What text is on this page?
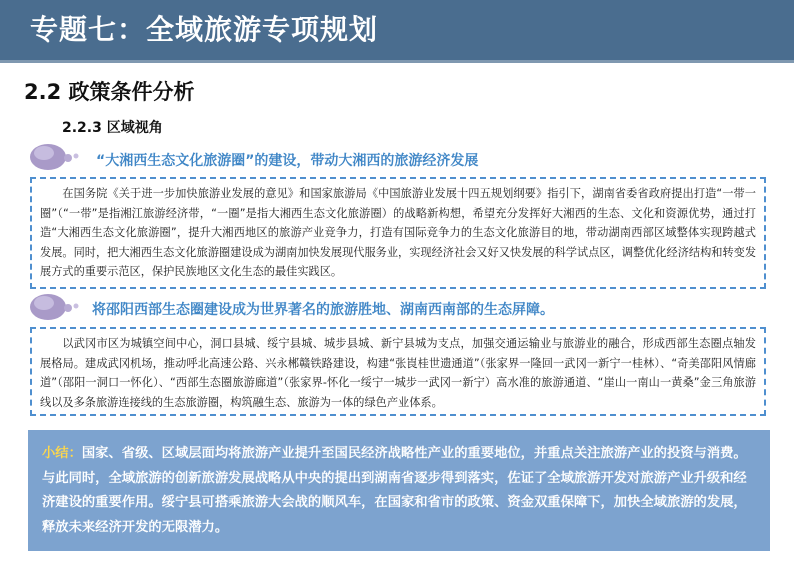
专题七：全域旅游专项规划
2.2 政策条件分析
2.2.3 区域视角
“大湘西生态文化旅游圈”的建设，带动大湘西的旅游经济发展

在国务院《关于进一步加快旅游业发展的意见》和国家旅游局《中国旅游业发展十四五规划纲要》指引下，湖南省委省政府提出打造“一带一圈”（“一带”是指湘江旅游经济带，“一圈”是指大湘西生态文化旅游圈）的战略新构想，希望充分发挥好大湘西的生态、文化和资源优势，通过打造“大湘西生态文化旅游圈”，提升大湘西地区的旅游产业竞争力，打造有国际竞争力的生态文化旅游目的地，带动湖南西部区域整体实现跨越式发展。同时，把大湘西生态文化旅游圈建设成为湖南加快发展现代服务业，实现经济社会又好又快发展的科学试点区，调整优化经济结构和转变发展方式的重要示范区，保护民族地区文化生态的最佳实践区。

将邵阳西部生态圈建设成为世界著名的旅游胜地、湖南西南部的生态屏障。

以武冈市区为城镇空间中心，洞口县城、绥宁县城、城步县城、新宁县城为支点，加强交通运输业与旅游业的融合，形成西部生态圈点轴发展格局。建成武冈机场，推动呼北高速公路、兴永郴赣铁路建设，构建“张崀桂世遗通道”（张家界一隆回一武冈一新宁一桂林）、“奇美邵阳风情廊道”（邵阳一洞口一怀化）、“西部生态圈旅游廊道”（张家界-怀化一绥宁一城步一武冈一新宁）高水准的旅游通道、“崖山一南山一黄桑”金三角旅游线以及多条旅游连接线的生态旅游圈，构筑融生态、旅游为一体的绿色产业体系。

小结：国家、省级、区域层面均将旅游产业提升至国民经济战略性产业的重要地位，并重点关注旅游产业的投资与消费。与此同时，全域旅游的创新旅游发展战略从中央的提出到湖南省逐步得到落实，佐证了全域旅游开发对旅游产业升级和经济建设的重要作用。绥宁县可搭乘旅游大会战的顺风车，在国家和省市的政策、资金双重保障下，加快全域旅游的发展，释放未来经济开发的无限潜力。
